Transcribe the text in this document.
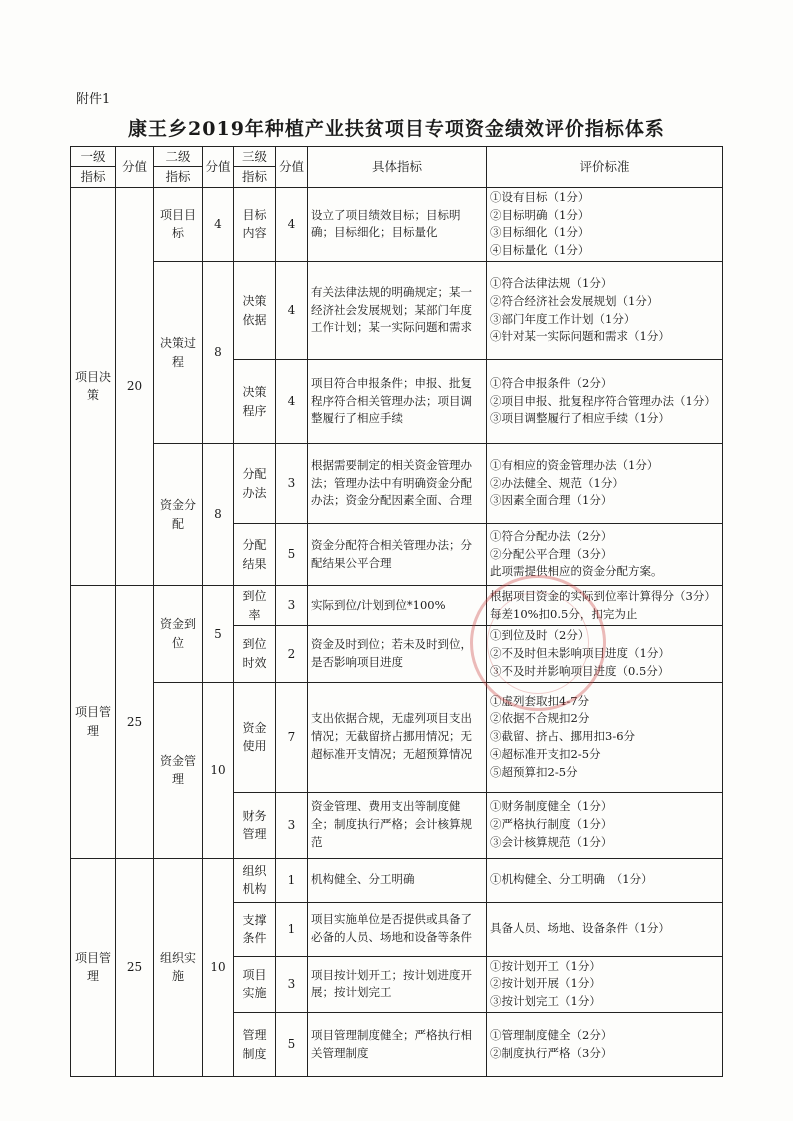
附件1
康王乡2019年种植产业扶贫项目专项资金绩效评价指标体系
一级	分值	二级	分值	三级	分值	具体指标	评价标准
指标		指标		指标			
项目决策	20	项目目标	4	目标内容	4	设立了项目绩效目标；目标明确；目标细化；目标量化	①设有目标（1分）
②目标明确（1分）
③目标细化（1分）
④目标量化（1分）

		决策过程	8	决策依据	4	有关法律法规的明确规定；某一经济社会发展规划；某部门年度工作计划；某一实际问题和需求	①符合法律法规（1分）
②符合经济社会发展规划（1分）
③部门年度工作计划（1分）
④针对某一实际问题和需求（1分）

				决策程序	4	项目符合申报条件；申报、批复程序符合相关管理办法；项目调整履行了相应手续	①符合申报条件（2分）
②项目申报、批复程序符合管理办法（1分）
③项目调整履行了相应手续（1分）

		资金分配	8	分配办法	3	根据需要制定的相关资金管理办法；管理办法中有明确资金分配办法；资金分配因素全面、合理	①有相应的资金管理办法（1分）
②办法健全、规范（1分）
③因素全面合理（1分）

				分配结果	5	资金分配符合相关管理办法；分配结果公平合理	①符合分配办法（2分）
②分配公平合理（3分）
此项需提供相应的资金分配方案。

项目管理	25	资金到位	5	到位率	3	实际到位/计划到位*100%	根据项目资金的实际到位率计算得分（3分）每差10%扣0.5分，扣完为止

				到位时效	2	资金及时到位；若未及时到位，是否影响项目进度	①到位及时（2分）
②不及时但未影响项目进度（1分）
③不及时并影响项目进度（0.5分）

		资金管理	10	资金使用	7	支出依据合规，无虚列项目支出情况；无截留挤占挪用情况；无超标准开支情况；无超预算情况	①虚列套取扣4-7分
②依据不合规扣2分
③截留、挤占、挪用扣3-6分
④超标准开支扣2-5分
⑤超预算扣2-5分

				财务管理	3	资金管理、费用支出等制度健全；制度执行严格；会计核算规范	①财务制度健全（1分）
②严格执行制度（1分）
③会计核算规范（1分）

项目管理	25	组织实施	10	组织机构	1	机构健全、分工明确	①机构健全、分工明确　（1分）

				支撑条件	1	项目实施单位是否提供或具备了必备的人员、场地和设备等条件	具备人员、场地、设备条件（1分）

				项目实施	3	项目按计划开工；按计划进度开展；按计划完工	①按计划开工（1分）
②按计划开展（1分）
③按计划完工（1分）

				管理制度	5	项目管理制度健全；严格执行相关管理制度	①管理制度健全（2分）
②制度执行严格（3分）
